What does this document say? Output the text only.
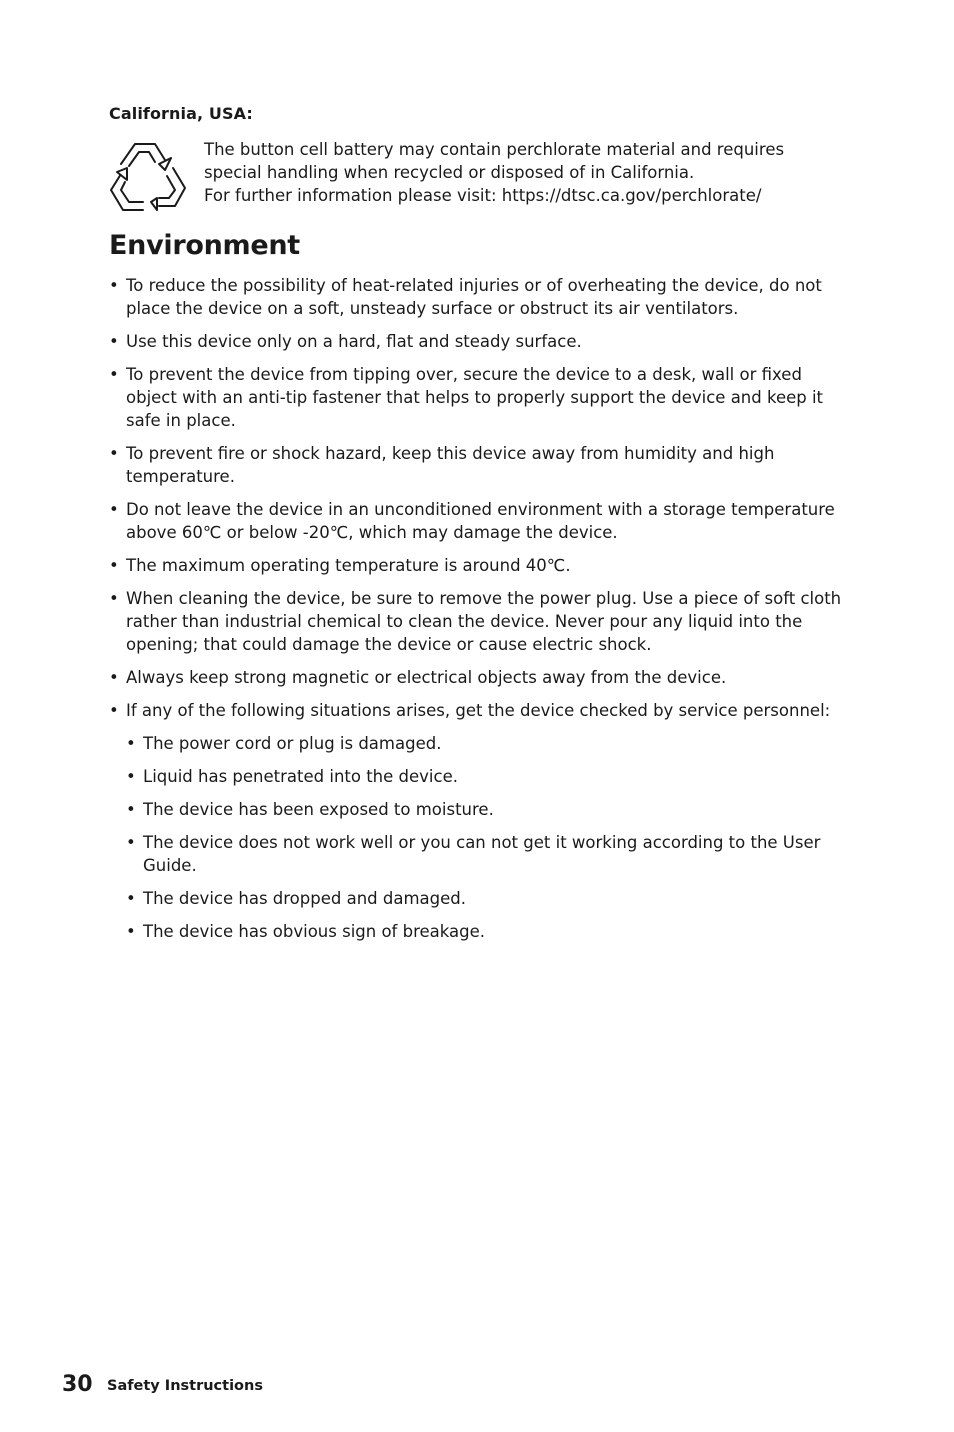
California, USA:
The button cell battery may contain perchlorate material and requires
special handling when recycled or disposed of in California.
For further information please visit: https://dtsc.ca.gov/perchlorate/
Environment
• To reduce the possibility of heat-related injuries or of overheating the device, do not place the device on a soft, unsteady surface or obstruct its air ventilators.
• Use this device only on a hard, flat and steady surface.
• To prevent the device from tipping over, secure the device to a desk, wall or fixed object with an anti-tip fastener that helps to properly support the device and keep it safe in place.
• To prevent fire or shock hazard, keep this device away from humidity and high temperature.
• Do not leave the device in an unconditioned environment with a storage temperature above 60℃ or below -20℃, which may damage the device.
• The maximum operating temperature is around 40℃.
• When cleaning the device, be sure to remove the power plug. Use a piece of soft cloth rather than industrial chemical to clean the device. Never pour any liquid into the opening; that could damage the device or cause electric shock.
• Always keep strong magnetic or electrical objects away from the device.
• If any of the following situations arises, get the device checked by service personnel:
• The power cord or plug is damaged.
• Liquid has penetrated into the device.
• The device has been exposed to moisture.
• The device does not work well or you can not get it working according to the User Guide.
• The device has dropped and damaged.
• The device has obvious sign of breakage.
30 Safety Instructions
